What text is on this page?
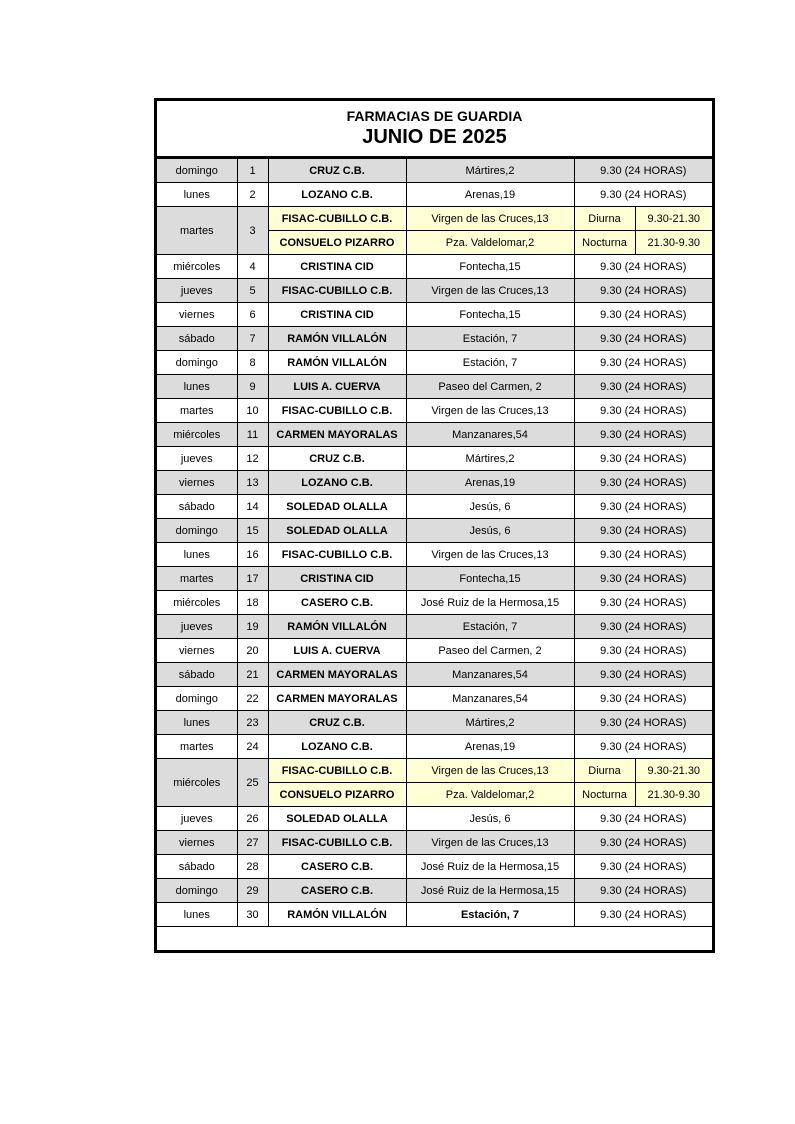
FARMACIAS DE GUARDIA
JUNIO DE 2025
domingo	1	CRUZ C.B.	Mártires,2	9.30 (24 HORAS)	
lunes	2	LOZANO C.B.	Arenas,19	9.30 (24 HORAS)	
martes	3	FISAC-CUBILLO C.B.	Virgen de las Cruces,13	Diurna	9.30-21.30
		CONSUELO PIZARRO	Pza. Valdelomar,2	Nocturna	21.30-9.30
miércoles	4	CRISTINA CID	Fontecha,15	9.30 (24 HORAS)	
jueves	5	FISAC-CUBILLO C.B.	Virgen de las Cruces,13	9.30 (24 HORAS)	
viernes	6	CRISTINA CID	Fontecha,15	9.30 (24 HORAS)	
sábado	7	RAMÓN VILLALÓN	Estación, 7	9.30 (24 HORAS)	
domingo	8	RAMÓN VILLALÓN	Estación, 7	9.30 (24 HORAS)	
lunes	9	LUIS A. CUERVA	Paseo del Carmen, 2	9.30 (24 HORAS)	
martes	10	FISAC-CUBILLO C.B.	Virgen de las Cruces,13	9.30 (24 HORAS)	
miércoles	11	CARMEN MAYORALAS	Manzanares,54	9.30 (24 HORAS)	
jueves	12	CRUZ C.B.	Mártires,2	9.30 (24 HORAS)	
viernes	13	LOZANO C.B.	Arenas,19	9.30 (24 HORAS)	
sábado	14	SOLEDAD OLALLA	Jesús, 6	9.30 (24 HORAS)	
domingo	15	SOLEDAD OLALLA	Jesús, 6	9.30 (24 HORAS)	
lunes	16	FISAC-CUBILLO C.B.	Virgen de las Cruces,13	9.30 (24 HORAS)	
martes	17	CRISTINA CID	Fontecha,15	9.30 (24 HORAS)	
miércoles	18	CASERO C.B.	José Ruiz de la Hermosa,15	9.30 (24 HORAS)	
jueves	19	RAMÓN VILLALÓN	Estación, 7	9.30 (24 HORAS)	
viernes	20	LUIS A. CUERVA	Paseo del Carmen, 2	9.30 (24 HORAS)	
sábado	21	CARMEN MAYORALAS	Manzanares,54	9.30 (24 HORAS)	
domingo	22	CARMEN MAYORALAS	Manzanares,54	9.30 (24 HORAS)	
lunes	23	CRUZ C.B.	Mártires,2	9.30 (24 HORAS)	
martes	24	LOZANO C.B.	Arenas,19	9.30 (24 HORAS)	
miércoles	25	FISAC-CUBILLO C.B.	Virgen de las Cruces,13	Diurna	9.30-21.30
		CONSUELO PIZARRO	Pza. Valdelomar,2	Nocturna	21.30-9.30
jueves	26	SOLEDAD OLALLA	Jesús, 6	9.30 (24 HORAS)	
viernes	27	FISAC-CUBILLO C.B.	Virgen de las Cruces,13	9.30 (24 HORAS)	
sábado	28	CASERO C.B.	José Ruiz de la Hermosa,15	9.30 (24 HORAS)	
domingo	29	CASERO C.B.	José Ruiz de la Hermosa,15	9.30 (24 HORAS)	
lunes	30	RAMÓN VILLALÓN	Estación, 7	9.30 (24 HORAS)	
